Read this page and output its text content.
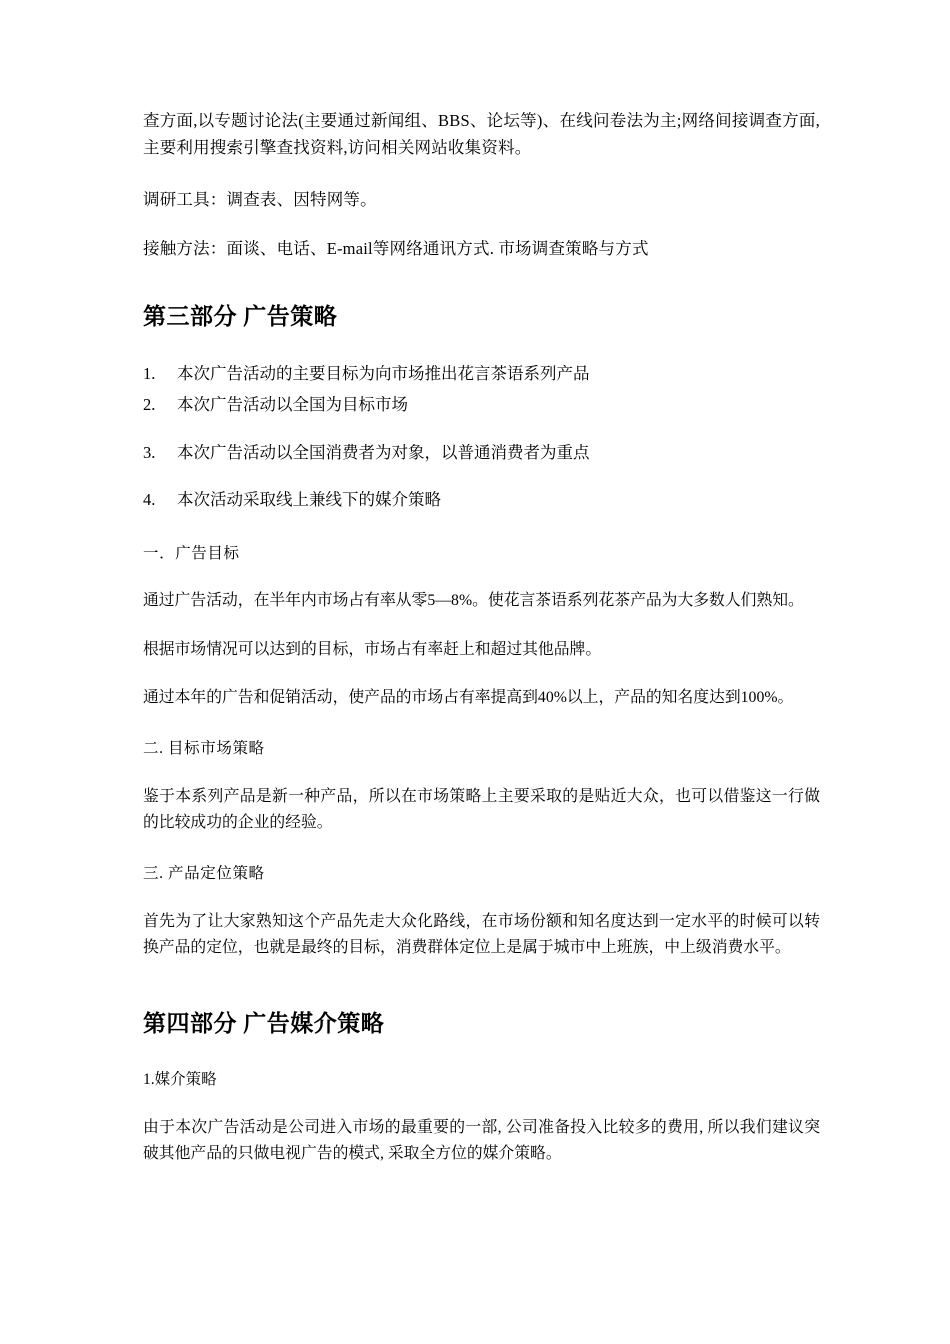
查方面,以专题讨论法(主要通过新闻组、BBS、论坛等)、在线问卷法为主;网络间接调查方面,主要利用搜索引擎查找资料,访问相关网站收集资料。

调研工具：调查表、因特网等。

接触方法：面谈、电话、E-mail等网络通讯方式. 市场调查策略与方式

第三部分 广告策略
1.	本次广告活动的主要目标为向市场推出花言茶语系列产品
2.	本次广告活动以全国为目标市场
3.	本次广告活动以全国消费者为对象，以普通消费者为重点
4.	本次活动采取线上兼线下的媒介策略

一．广告目标

通过广告活动，在半年内市场占有率从零5—8%。使花言茶语系列花茶产品为大多数人们熟知。

根据市场情况可以达到的目标，市场占有率赶上和超过其他品牌。

通过本年的广告和促销活动，使产品的市场占有率提高到40%以上，产品的知名度达到100%。

二. 目标市场策略

鉴于本系列产品是新一种产品，所以在市场策略上主要采取的是贴近大众，也可以借鉴这一行做的比较成功的企业的经验。

三. 产品定位策略

首先为了让大家熟知这个产品先走大众化路线，在市场份额和知名度达到一定水平的时候可以转换产品的定位，也就是最终的目标，消费群体定位上是属于城市中上班族，中上级消费水平。

第四部分 广告媒介策略

1.媒介策略

由于本次广告活动是公司进入市场的最重要的一部, 公司准备投入比较多的费用, 所以我们建议突破其他产品的只做电视广告的模式, 采取全方位的媒介策略。
